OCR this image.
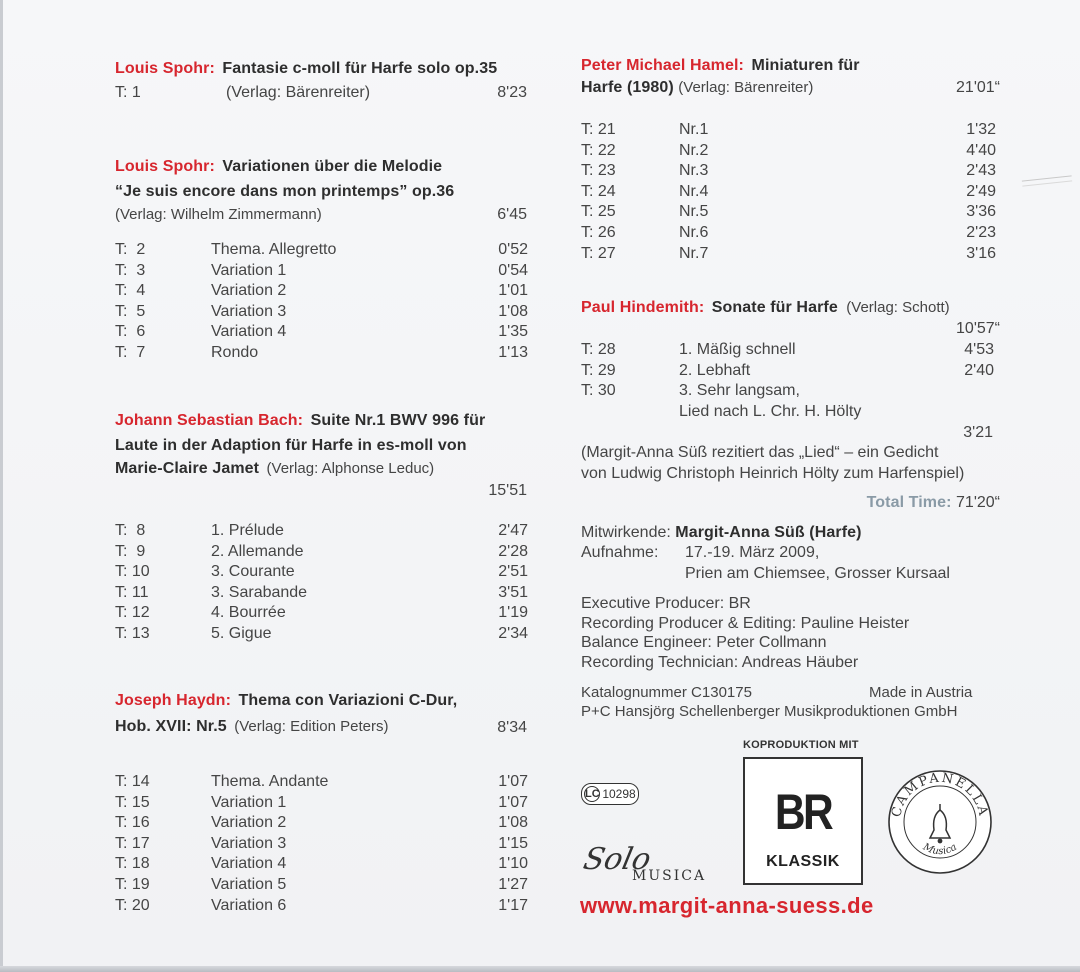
Louis Spohr: Fantasie c-moll für Harfe solo op.35
T: 1	(Verlag: Bärenreiter)	8'23
Louis Spohr: Variationen über die Melodie
“Je suis encore dans mon printemps” op.36
(Verlag: Wilhelm Zimmermann)	6'45
T:  2	Thema. Allegretto	0'52
T:  3	Variation 1	0'54
T:  4	Variation 2	1'01
T:  5	Variation 3	1'08
T:  6	Variation 4	1'35
T:  7	Rondo	1'13
Johann Sebastian Bach: Suite Nr.1 BWV 996 für
Laute in der Adaption für Harfe in es-moll von
Marie-Claire Jamet (Verlag: Alphonse Leduc)
15'51
T:  8	1. Prélude	2'47
T:  9	2. Allemande	2'28
T: 10	3. Courante	2'51
T: 11	3. Sarabande	3'51
T: 12	4. Bourrée	1'19
T: 13	5. Gigue	2'34
Joseph Haydn: Thema con Variazioni C-Dur,
Hob. XVII: Nr.5 (Verlag: Edition Peters)	8'34
T: 14	Thema. Andante	1'07
T: 15	Variation 1	1'07
T: 16	Variation 2	1'08
T: 17	Variation 3	1'15
T: 18	Variation 4	1'10
T: 19	Variation 5	1'27
T: 20	Variation 6	1'17
Peter Michael Hamel: Miniaturen für
Harfe (1980) (Verlag: Bärenreiter)	21'01“
T: 21	Nr.1	1'32
T: 22	Nr.2	4'40
T: 23	Nr.3	2'43
T: 24	Nr.4	2'49
T: 25	Nr.5	3'36
T: 26	Nr.6	2'23
T: 27	Nr.7	3'16
Paul Hindemith: Sonate für Harfe (Verlag: Schott)
10'57“
T: 28	1. Mäßig schnell	4'53
T: 29	2. Lebhaft	2'40
T: 30	3. Sehr langsam,
Lied nach L. Chr. H. Hölty
3'21
(Margit-Anna Süß rezitiert das „Lied“ – ein Gedicht
von Ludwig Christoph Heinrich Hölty zum Harfenspiel)
Total Time: 71'20“
Mitwirkende: Margit-Anna Süß (Harfe)
Aufnahme: 17.-19. März 2009,
Prien am Chiemsee, Grosser Kursaal
Executive Producer: BR
Recording Producer & Editing: Pauline Heister
Balance Engineer: Peter Collmann
Recording Technician: Andreas Häuber
Katalognummer C130175	Made in Austria
P+C Hansjörg Schellenberger Musikproduktionen GmbH
KOPRODUKTION MIT
LC 10298
Solo
MUSICA
BR
KLASSIK
CAMPANELLA
Musica
www.margit-anna-suess.de
